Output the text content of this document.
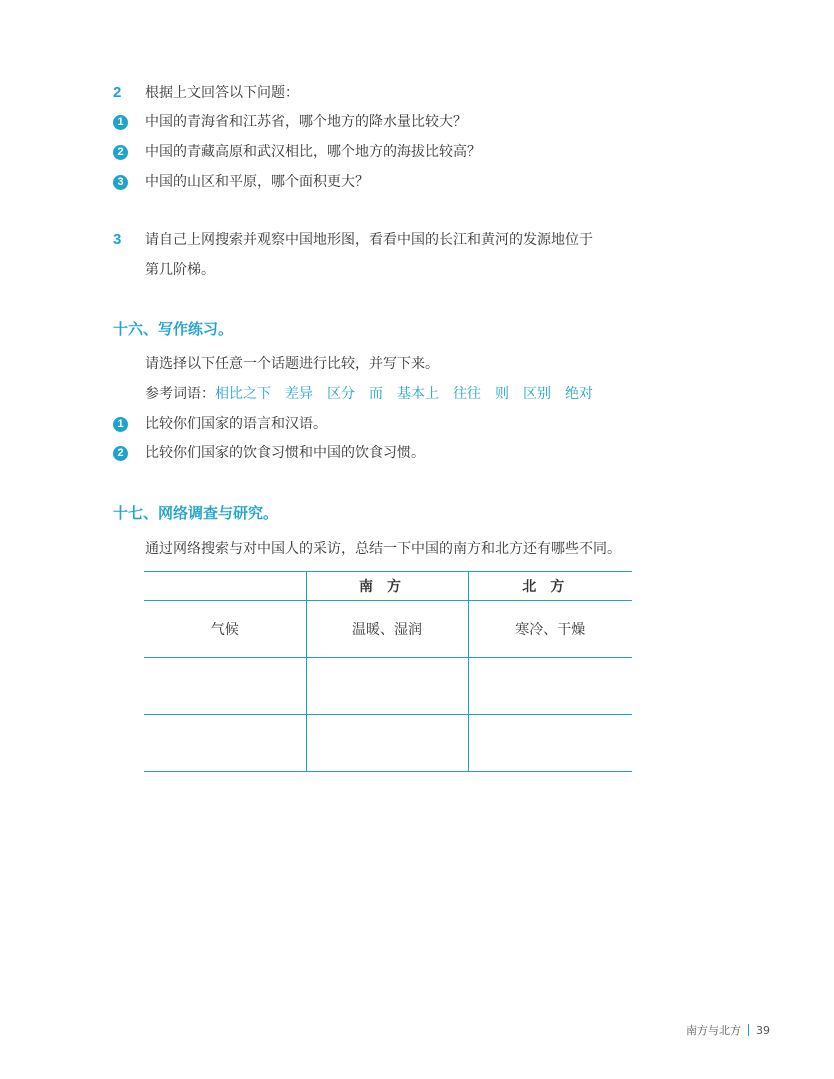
2 根据上文回答以下问题：
1	中国的青海省和江苏省，哪个地方的降水量比较大？
2	中国的青藏高原和武汉相比，哪个地方的海拔比较高？
3	中国的山区和平原，哪个面积更大？
3 请自己上网搜索并观察中国地形图，看看中国的长江和黄河的发源地位于
第几阶梯。
十六、写作练习。
请选择以下任意一个话题进行比较，并写下来。
参考词语：相比之下 差异 区分 而 基本上 往往 则 区别 绝对
1	比较你们国家的语言和汉语。
2	比较你们国家的饮食习惯和中国的饮食习惯。
十七、网络调查与研究。
通过网络搜索与对中国人的采访，总结一下中国的南方和北方还有哪些不同。
	南方	北方
气候	温暖、湿润	寒冷、干燥

南方与北方 39
